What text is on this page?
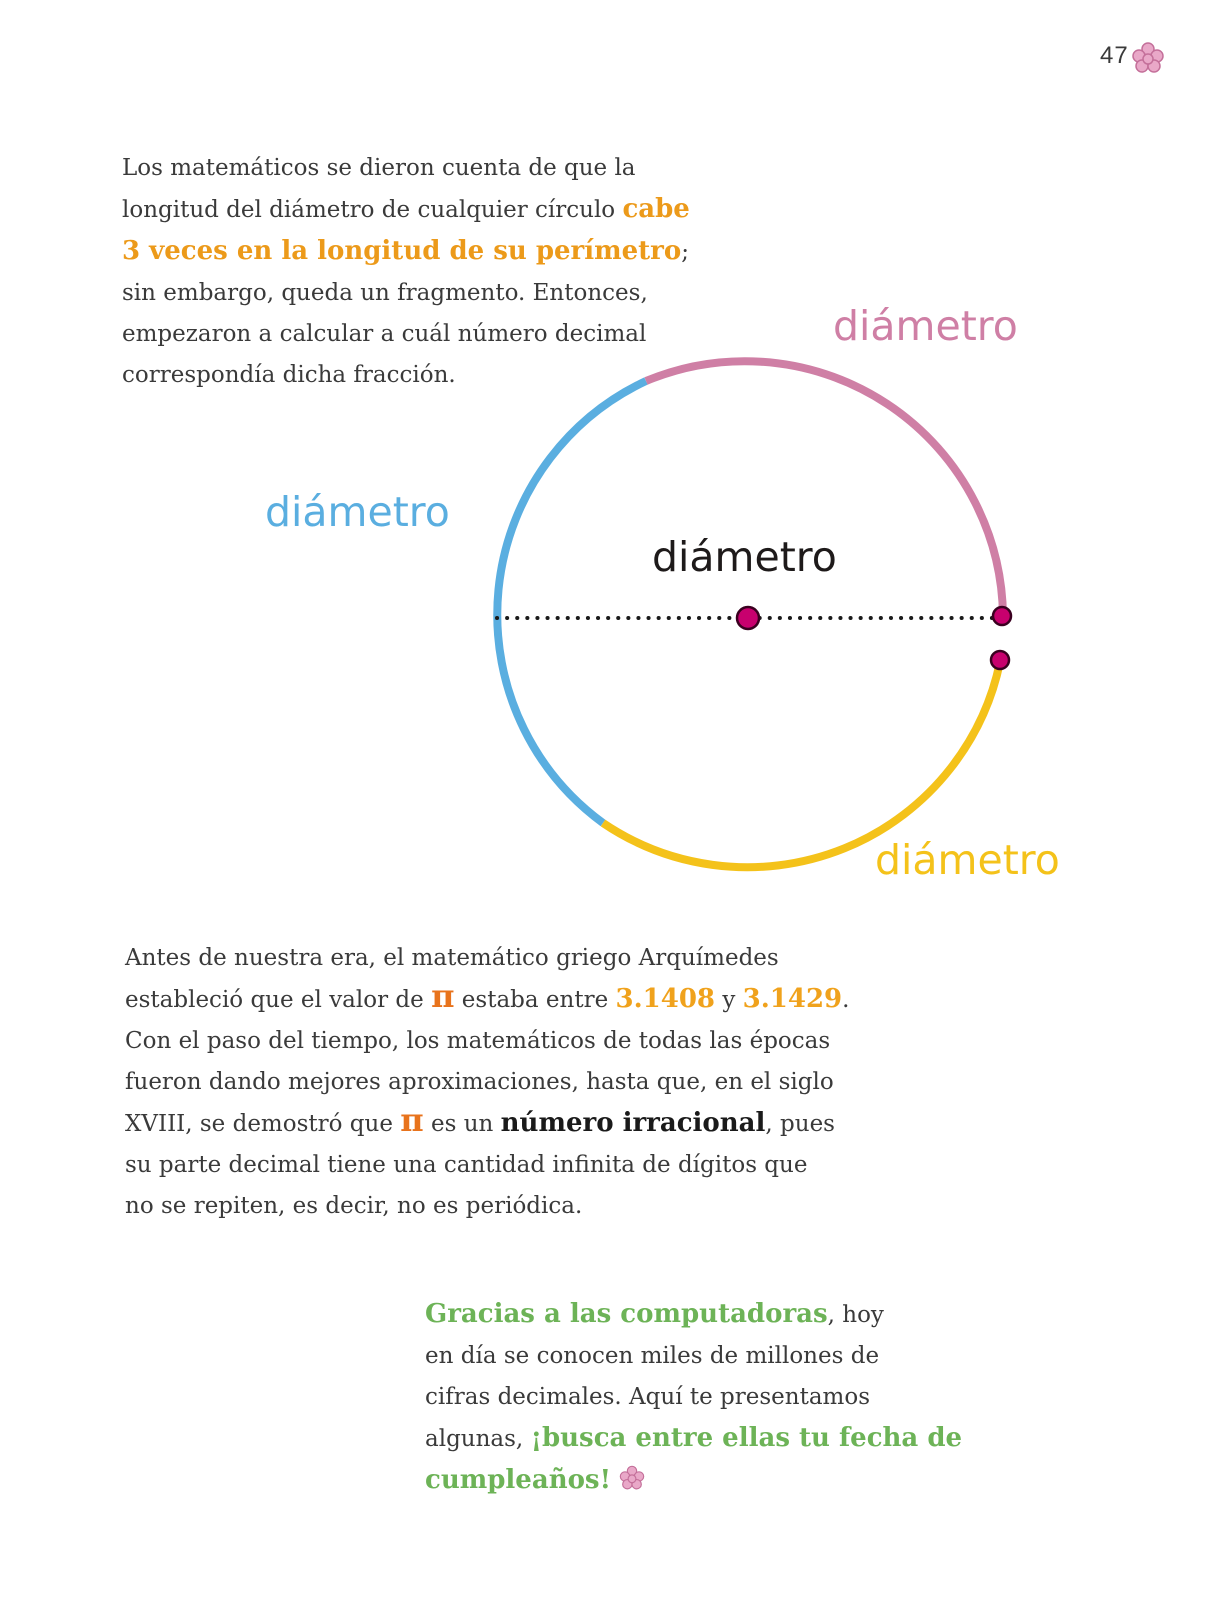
47
Los matemáticos se dieron cuenta de que la
longitud del diámetro de cualquier círculo cabe
3 veces en la longitud de su perímetro;
sin embargo, queda un fragmento. Entonces,
empezaron a calcular a cuál número decimal
correspondía dicha fracción.
diámetro
diámetro
diámetro
diámetro
Antes de nuestra era, el matemático griego Arquímedes
estableció que el valor de π estaba entre 3.1408 y 3.1429.
Con el paso del tiempo, los matemáticos de todas las épocas
fueron dando mejores aproximaciones, hasta que, en el siglo
XVIII, se demostró que π es un número irracional, pues
su parte decimal tiene una cantidad infinita de dígitos que
no se repiten, es decir, no es periódica.
Gracias a las computadoras, hoy
en día se conocen miles de millones de
cifras decimales. Aquí te presentamos
algunas, ¡busca entre ellas tu fecha de
cumpleaños!
